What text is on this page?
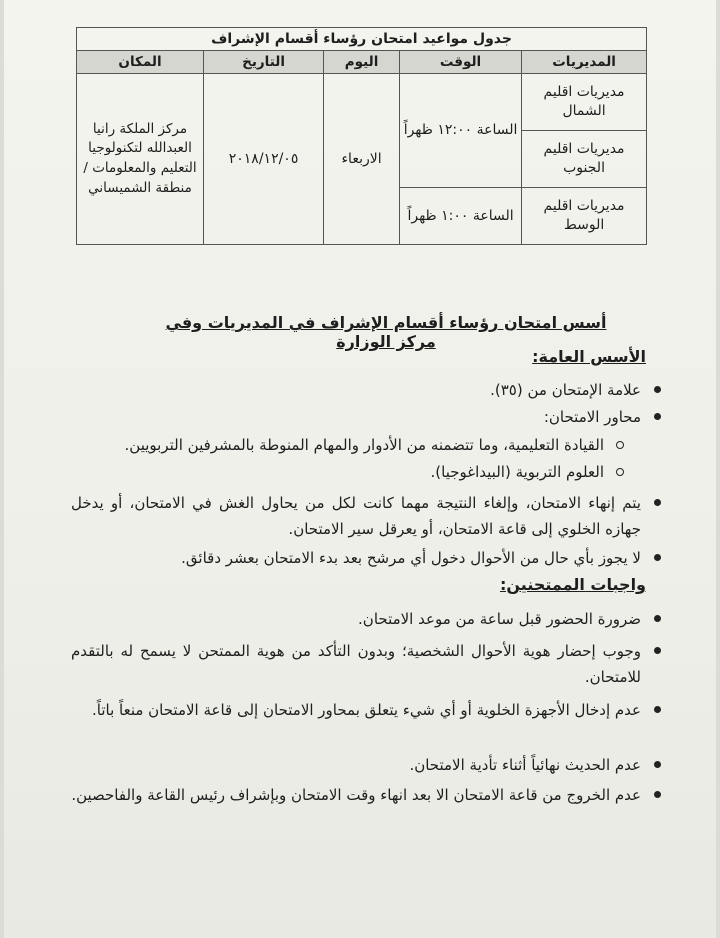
جدول مواعيد امتحان رؤساء أقسام الإشراف				
المديريات	الوقت	اليوم	التاريخ	المكان
مديريات اقليم الشمال	الساعة ١٢:٠٠ ظهراً	الاربعاء	٢٠١٨/١٢/٠٥	مركز الملكة رانيا العبدالله لتكنولوجيا التعليم والمعلومات / منطقة الشميساني
مديريات اقليم الجنوب				
مديريات اقليم الوسط	الساعة ١:٠٠ ظهراً			
أسس امتحان رؤساء أقسام الإشراف في المديريات وفي مركز الوزارة
الأسس العامة:
علامة الإمتحان من (٣٥).
محاور الامتحان:
القيادة التعليمية، وما تتضمنه من الأدوار والمهام المنوطة بالمشرفين التربويين.
العلوم التربوية (البيداغوجيا).
يتم إنهاء الامتحان، وإلغاء النتيجة مهما كانت لكل من يحاول الغش في الامتحان، أو يدخل جهازه الخلوي إلى قاعة الامتحان، أو يعرقل سير الامتحان.
لا يجوز بأي حال من الأحوال دخول أي مرشح بعد بدء الامتحان بعشر دقائق.
واجبات الممتحنين:
ضرورة الحضور قبل ساعة من موعد الامتحان.
وجوب إحضار هوية الأحوال الشخصية؛ وبدون التأكد من هوية الممتحن لا يسمح له بالتقدم للامتحان.
عدم إدخال الأجهزة الخلوية أو أي شيء يتعلق بمحاور الامتحان إلى قاعة الامتحان منعاً باتاً.
عدم الحديث نهائياً أثناء تأدية الامتحان.
عدم الخروج من قاعة الامتحان الا بعد انهاء وقت الامتحان وبإشراف رئيس القاعة والفاحصين.
